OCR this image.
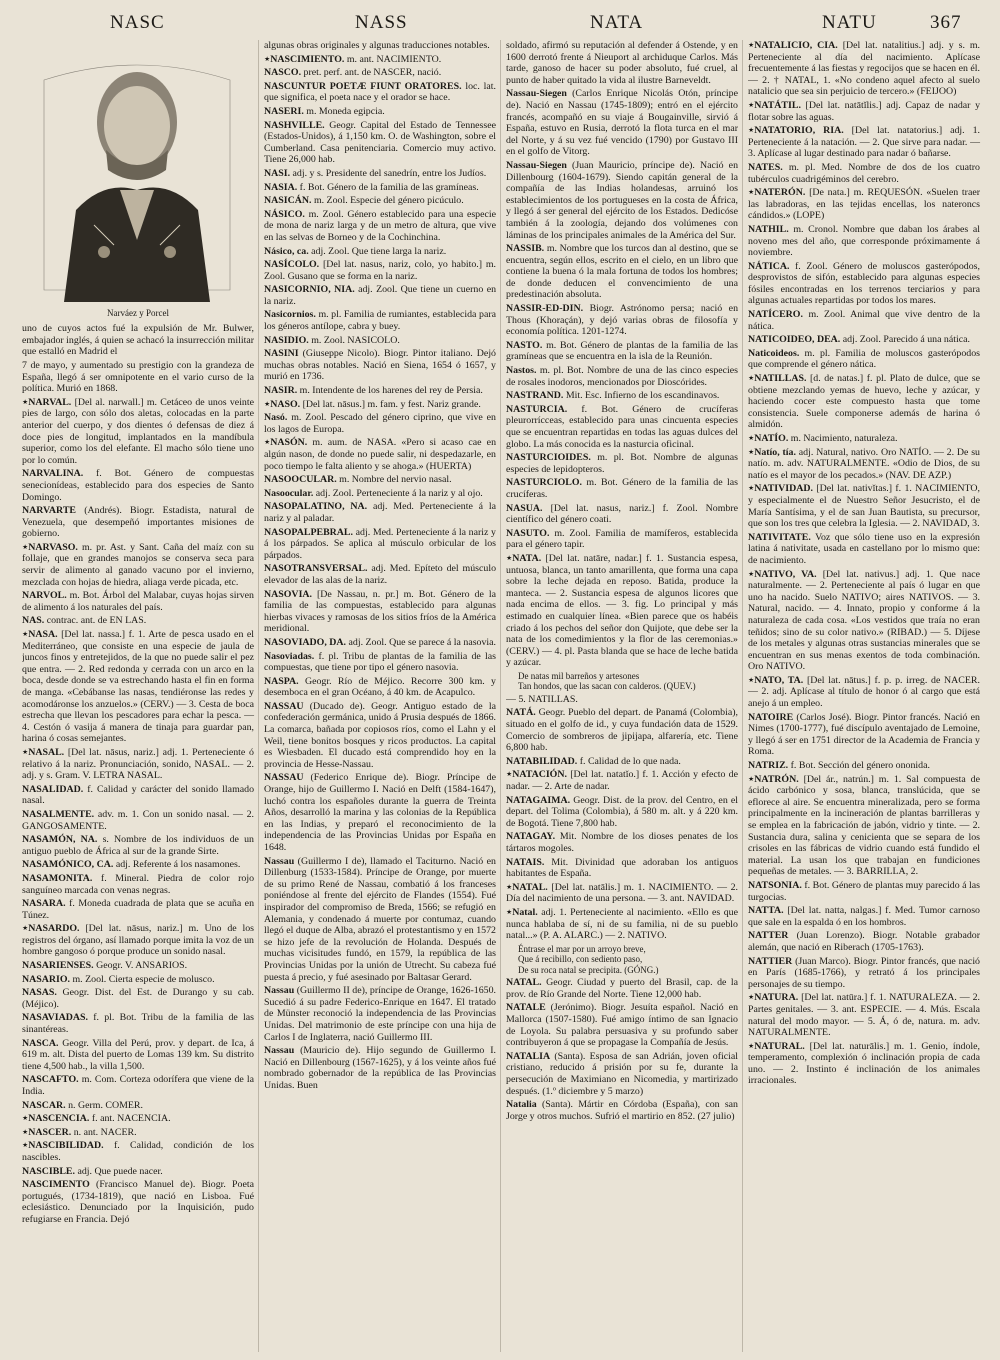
NASC	NASS	NATA	NATU	367
Narváez y Porcel

uno de cuyos actos fué la expulsión de Mr. Bulwer, embajador inglés, á quien se achacó la insurrección militar que estalló en Madrid el

7 de mayo, y aumentado su prestigio con la grandeza de España, llegó á ser omnipotente en el vario curso de la política. Murió en 1868.

⋆NARVAL. [Del al. narwall.] m. Cetáceo de unos veinte pies de largo, con sólo dos aletas, colocadas en la parte anterior del cuerpo, y dos dientes ó defensas de diez á doce pies de longitud, implantados en la mandíbula superior, como los del elefante. El macho sólo tiene uno por lo común.

NARVALINA. f. Bot. Género de compuestas senecionídeas, establecido para dos especies de Santo Domingo.

NARVARTE (Andrés). Biogr. Estadista, natural de Venezuela, que desempeñó importantes misiones de gobierno.

⋆NARVASO. m. pr. Ast. y Sant. Caña del maíz con su follaje, que en grandes manojos se conserva seca para servir de alimento al ganado vacuno por el invierno, mezclada con hojas de hiedra, aliaga verde picada, etc.

NARVOL. m. Bot. Árbol del Malabar, cuyas hojas sirven de alimento á los naturales del país.

NAS. contrac. ant. de EN LAS.

⋆NASA. [Del lat. nassa.] f. 1. Arte de pesca usado en el Mediterráneo, que consiste en una especie de jaula de juncos finos y entretejidos, de la que no puede salir el pez que entra. — 2. Red redonda y cerrada con un arco en la boca, desde donde se va estrechando hasta el fin en forma de manga. «Cebábanse las nasas, tendiéronse las redes y acomodáronse los anzuelos.» (CERV.) — 3. Cesta de boca estrecha que llevan los pescadores para echar la pesca. — 4. Cestón ó vasija á manera de tinaja para guardar pan, harina ó cosas semejantes.

⋆NASAL. [Del lat. nāsus, nariz.] adj. 1. Perteneciente ó relativo á la nariz. Pronunciación, sonido, NASAL. — 2. adj. y s. Gram. V. LETRA NASAL.

NASALIDAD. f. Calidad y carácter del sonido llamado nasal.

NASALMENTE. adv. m. 1. Con un sonido nasal. — 2. GANGOSAMENTE.

NASAMÓN, NA. s. Nombre de los individuos de un antiguo pueblo de África al sur de la grande Sirte.

NASAMÓNICO, CA. adj. Referente á los nasamones.

NASAMONITA. f. Mineral. Piedra de color rojo sanguíneo marcada con venas negras.

NASARA. f. Moneda cuadrada de plata que se acuña en Túnez.

⋆NASARDO. [Del lat. nāsus, nariz.] m. Uno de los registros del órgano, así llamado porque imita la voz de un hombre gangoso ó porque produce un sonido nasal.

NASARIENSES. Geogr. V. ANSARIOS.

NASARIO. m. Zool. Cierta especie de molusco.

NASAS. Geogr. Dist. del Est. de Durango y su cab. (Méjico).

NASAVIADAS. f. pl. Bot. Tribu de la familia de las sinantéreas.

NASCA. Geogr. Villa del Perú, prov. y depart. de Ica, á 619 m. alt. Dista del puerto de Lomas 139 km. Su distrito tiene 4,500 hab., la villa 1,500.

NASCAFTO. m. Com. Corteza odorífera que viene de la India.

NASCAR. n. Germ. COMER.

⋆NASCENCIA. f. ant. NACENCIA.

⋆NASCER. n. ant. NACER.

⋆NASCIBILIDAD. f. Calidad, condición de los nascibles.

NASCIBLE. adj. Que puede nacer.

NASCIMENTO (Francisco Manuel de). Biogr. Poeta portugués, (1734-1819), que nació en Lisboa. Fué eclesiástico. Denunciado por la Inquisición, pudo refugiarse en Francia. Dejó

algunas obras originales y algunas traducciones notables.

⋆NASCIMIENTO. m. ant. NACIMIENTO.

NASCO. pret. perf. ant. de NASCER, nació.

NASCUNTUR POETÆ FIUNT ORATORES. loc. lat. que significa, el poeta nace y el orador se hace.

NASERI. m. Moneda egipcia.

NASHVILLE. Geogr. Capital del Estado de Tennessee (Estados-Unidos), á 1,150 km. O. de Washington, sobre el Cumberland. Casa penitenciaria. Comercio muy activo. Tiene 26,000 hab.

NASI. adj. y s. Presidente del sanedrín, entre los Judíos.

NASIA. f. Bot. Género de la familia de las gramíneas.

NASICÁN. m. Zool. Especie del género picúculo.

NÁSICO. m. Zool. Género establecido para una especie de mona de nariz larga y de un metro de altura, que vive en las selvas de Borneo y de la Cochinchina.

Násico, ca. adj. Zool. Que tiene larga la nariz.

NASÍCOLO. [Del lat. nasus, nariz, colo, yo habito.] m. Zool. Gusano que se forma en la nariz.

NASICORNIO, NIA. adj. Zool. Que tiene un cuerno en la nariz.

Nasicornios. m. pl. Familia de rumiantes, establecida para los géneros antílope, cabra y buey.

NASIDIO. m. Zool. NASICOLO.

NASINI (Giuseppe Nicolo). Biogr. Pintor italiano. Dejó muchas obras notables. Nació en Siena, 1654 ó 1657, y murió en 1736.

NASIR. m. Intendente de los harenes del rey de Persia.

⋆NASO. [Del lat. nāsus.] m. fam. y fest. Nariz grande.

Nasó. m. Zool. Pescado del género ciprino, que vive en los lagos de Europa.

⋆NASÓN. m. aum. de NASA. «Pero si acaso cae en algún nason, de donde no puede salir, ni despedazarle, en poco tiempo le falta aliento y se ahoga.» (HUERTA)

NASOOCULAR. m. Nombre del nervio nasal.

Nasoocular. adj. Zool. Perteneciente á la nariz y al ojo.

NASOPALATINO, NA. adj. Med. Perteneciente á la nariz y al paladar.

NASOPALPEBRAL. adj. Med. Perteneciente á la nariz y á los párpados. Se aplica al músculo orbicular de los párpados.

NASOTRANSVERSAL. adj. Med. Epíteto del músculo elevador de las alas de la nariz.

NASOVIA. [De Nassau, n. pr.] m. Bot. Género de la familia de las compuestas, establecido para algunas hierbas vivaces y ramosas de los sitios fríos de la América meridional.

NASOVIADO, DA. adj. Zool. Que se parece á la nasovia.

Nasoviadas. f. pl. Tribu de plantas de la familia de las compuestas, que tiene por tipo el género nasovia.

NASPA. Geogr. Río de Méjico. Recorre 300 km. y desemboca en el gran Océano, á 40 km. de Acapulco.

NASSAU (Ducado de). Geogr. Antiguo estado de la confederación germánica, unido á Prusia después de 1866. La comarca, bañada por copiosos ríos, como el Lahn y el Weil, tiene bonitos bosques y ricos productos. La capital es Wiesbaden. El ducado está comprendido hoy en la provincia de Hesse-Nassau.

NASSAU (Federico Enrique de). Biogr. Príncipe de Orange, hijo de Guillermo I. Nació en Delft (1584-1647), luchó contra los españoles durante la guerra de Treinta Años, desarrolló la marina y las colonias de la República en las Indias, y preparó el reconocimiento de la independencia de las Provincias Unidas por España en 1648.

Nassau (Guillermo I de), llamado el Taciturno. Nació en Dillenburg (1533-1584). Príncipe de Orange, por muerte de su primo René de Nassau, combatió á los franceses poniéndose al frente del ejército de Flandes (1554). Fué inspirador del compromiso de Breda, 1566; se refugió en Alemania, y condenado á muerte por contumaz, cuando llegó el duque de Alba, abrazó el protestantismo y en 1572 se hizo jefe de la revolución de Holanda. Después de muchas vicisitudes fundó, en 1579, la república de las Provincias Unidas por la unión de Utrecht. Su cabeza fué puesta á precio, y fué asesinado por Baltasar Gerard.

Nassau (Guillermo II de), príncipe de Orange, 1626-1650. Sucedió á su padre Federico-Enrique en 1647. El tratado de Münster reconoció la independencia de las Provincias Unidas. Del matrimonio de este príncipe con una hija de Carlos I de Inglaterra, nació Guillermo III.

Nassau (Mauricio de). Hijo segundo de Guillermo I. Nació en Dillenbourg (1567-1625), y á los veinte años fué nombrado gobernador de la república de las Provincias Unidas. Buen

soldado, afirmó su reputación al defender á Ostende, y en 1600 derrotó frente á Nieuport al archiduque Carlos. Más tarde, ganoso de hacer su poder absoluto, fué cruel, al punto de haber quitado la vida al ilustre Barneveldt.

Nassau-Siegen (Carlos Enrique Nicolás Otón, príncipe de). Nació en Nassau (1745-1809); entró en el ejército francés, acompañó en su viaje á Bougainville, sirvió á España, estuvo en Rusia, derrotó la flota turca en el mar del Norte, y á su vez fué vencido (1790) por Gustavo III en el golfo de Vitorg.

Nassau-Siegen (Juan Mauricio, príncipe de). Nació en Dillenbourg (1604-1679). Siendo capitán general de la compañía de las Indias holandesas, arruinó los establecimientos de los portugueses en la costa de África, y llegó á ser general del ejército de los Estados. Dedicóse también á la zoología, dejando dos volúmenes con láminas de los principales animales de la América del Sur.

NASSIB. m. Nombre que los turcos dan al destino, que se encuentra, según ellos, escrito en el cielo, en un libro que contiene la buena ó la mala fortuna de todos los hombres; de donde deducen el convencimiento de una predestinación absoluta.

NASSIR-ED-DIN. Biogr. Astrónomo persa; nació en Thous (Khoraçán), y dejó varias obras de filosofía y economía política. 1201-1274.

NASTO. m. Bot. Género de plantas de la familia de las gramíneas que se encuentra en la isla de la Reunión.

Nastos. m. pl. Bot. Nombre de una de las cinco especies de rosales inodoros, mencionados por Dioscórides.

NASTRAND. Mit. Esc. Infierno de los escandinavos.

NASTURCIA. f. Bot. Género de crucíferas pleurorrícceas, establecido para unas cincuenta especies que se encuentran repartidas en todas las aguas dulces del globo. La más conocida es la nasturcia oficinal.

NASTURCIOIDES. m. pl. Bot. Nombre de algunas especies de lepidopteros.

NASTURCIOLO. m. Bot. Género de la familia de las crucíferas.

NASUA. [Del lat. nasus, nariz.] f. Zool. Nombre científico del género coati.

NASUTO. m. Zool. Familia de mamíferos, establecida para el género tapir.

⋆NATA. [Del lat. natāre, nadar.] f. 1. Sustancia espesa, untuosa, blanca, un tanto amarillenta, que forma una capa sobre la leche dejada en reposo. Batida, produce la manteca. — 2. Sustancia espesa de algunos licores que nada encima de ellos. — 3. fig. Lo principal y más estimado en cualquier línea. «Bien parece que os habéis criado á los pechos del señor don Quijote, que debe ser la nata de los comedimientos y la flor de las ceremonias.» (CERV.) — 4. pl. Pasta blanda que se hace de leche batida y azúcar.

De natas mil barreños y artesones

Tan hondos, que las sacan con calderos. (QUEV.)

— 5. NATILLAS.

NATÁ. Geogr. Pueblo del depart. de Panamá (Colombia), situado en el golfo de id., y cuya fundación data de 1529. Comercio de sombreros de jipijapa, alfarería, etc. Tiene 6,800 hab.

NATABILIDAD. f. Calidad de lo que nada.

⋆NATACIÓN. [Del lat. natatĭo.] f. 1. Acción y efecto de nadar. — 2. Arte de nadar.

NATAGAIMA. Geogr. Dist. de la prov. del Centro, en el depart. del Tolima (Colombia), á 580 m. alt. y á 220 km. de Bogotá. Tiene 7,800 hab.

NATAGAY. Mit. Nombre de los dioses penates de los tártaros mogoles.

NATAIS. Mit. Divinidad que adoraban los antiguos habitantes de España.

⋆NATAL. [Del lat. natālis.] m. 1. NACIMIENTO. — 2. Día del nacimiento de una persona. — 3. ant. NAVIDAD.

⋆Natal. adj. 1. Perteneciente al nacimiento. «Ello es que nunca hablaba de sí, ni de su familia, ni de su pueblo natal...» (P. A. ALARC.) — 2. NATIVO.

Éntrase el mar por un arroyo breve,

Que á recibillo, con sediento paso,

De su roca natal se precipita. (GÓNG.)

NATAL. Geogr. Ciudad y puerto del Brasil, cap. de la prov. de Río Grande del Norte. Tiene 12,000 hab.

NATALE (Jerónimo). Biogr. Jesuíta español. Nació en Mallorca (1507-1580). Fué amigo íntimo de san Ignacio de Loyola. Su palabra persuasiva y su profundo saber contribuyeron á que se propagase la Compañía de Jesús.

NATALIA (Santa). Esposa de san Adrián, joven oficial cristiano, reducido á prisión por su fe, durante la persecución de Maximiano en Nicomedia, y martirizado después. (1.º diciembre y 5 marzo)

Natalia (Santa). Mártir en Córdoba (España), con san Jorge y otros muchos. Sufrió el martirio en 852. (27 julio)

⋆NATALICIO, CIA. [Del lat. natalitius.] adj. y s. m. Perteneciente al día del nacimiento. Aplícase frecuentemente á las fiestas y regocijos que se hacen en él. — 2. † NATAL, 1. «No condeno aquel afecto al suelo natalicio que sea sin perjuicio de tercero.» (FEIJOO)

⋆NATÁTIL. [Del lat. natātĭlis.] adj. Capaz de nadar y flotar sobre las aguas.

⋆NATATORIO, RIA. [Del lat. natatorius.] adj. 1. Perteneciente á la natación. — 2. Que sirve para nadar. — 3. Aplícase al lugar destinado para nadar ó bañarse.

NATES. m. pl. Med. Nombre de dos de los cuatro tubérculos cuadrigéminos del cerebro.

⋆NATERÓN. [De nata.] m. REQUESÓN. «Suelen traer las labradoras, en las tejidas encellas, los nateroncs cándidos.» (LOPE)

NATHIL. m. Cronol. Nombre que daban los árabes al noveno mes del año, que corresponde próximamente á noviembre.

NÁTICA. f. Zool. Género de moluscos gasterópodos, desprovistos de sifón, establecido para algunas especies fósiles encontradas en los terrenos terciarios y para algunas actuales repartidas por todos los mares.

NATÍCERO. m. Zool. Animal que vive dentro de la nática.

NATICOIDEO, DEA. adj. Zool. Parecido á una nática.

Naticoideos. m. pl. Familia de moluscos gasterópodos que comprende el género nática.

⋆NATILLAS. [d. de natas.] f. pl. Plato de dulce, que se obtiene mezclando yemas de huevo, leche y azúcar, y haciendo cocer este compuesto hasta que tome consistencia. Suele componerse además de harina ó almidón.

⋆NATÍO. m. Nacimiento, naturaleza.

⋆Natío, tía. adj. Natural, nativo. Oro NATÍO. — 2. De su natío. m. adv. NATURALMENTE. «Odio de Dios, de su natío es el mayor de los pecados.» (NAV. DE AZP.)

⋆NATIVIDAD. [Del lat. nativĭtas.] f. 1. NACIMIENTO, y especialmente el de Nuestro Señor Jesucristo, el de María Santísima, y el de san Juan Bautista, su precursor, que son los tres que celebra la Iglesia. — 2. NAVIDAD, 3.

NATIVITATE. Voz que sólo tiene uso en la expresión latina á nativitate, usada en castellano por lo mismo que: de nacimiento.

⋆NATIVO, VA. [Del lat. nativus.] adj. 1. Que nace naturalmente. — 2. Perteneciente al país ó lugar en que uno ha nacido. Suelo NATIVO; aires NATIVOS. — 3. Natural, nacido. — 4. Innato, propio y conforme á la naturaleza de cada cosa. «Los vestidos que traía no eran teñidos; sino de su color nativo.» (RIBAD.) — 5. Díjese de los metales y algunas otras sustancias minerales que se encuentran en sus menas exentos de toda combinación. Oro NATIVO.

⋆NATO, TA. [Del lat. nātus.] f. p. p. irreg. de NACER. — 2. adj. Aplícase al título de honor ó al cargo que está anejo á un empleo.

NATOIRE (Carlos José). Biogr. Pintor francés. Nació en Nimes (1700-1777), fué discípulo aventajado de Lemoine, y llegó á ser en 1751 director de la Academia de Francia y Roma.

NATRIZ. f. Bot. Sección del género ononida.

⋆NATRÓN. [Del ár., natrún.] m. 1. Sal compuesta de ácido carbónico y sosa, blanca, translúcida, que se eflorece al aire. Se encuentra mineralizada, pero se forma principalmente en la incineración de plantas barrilleras y se emplea en la fabricación de jabón, vidrio y tinte. — 2. Sustancia dura, salina y cenicienta que se separa de los crisoles en las fábricas de vidrio cuando está fundido el material. La usan los que trabajan en fundiciones pequeñas de metales. — 3. BARRILLA, 2.

NATSONIA. f. Bot. Género de plantas muy parecido á las turgocias.

NATTA. [Del lat. natta, nalgas.] f. Med. Tumor carnoso que sale en la espalda ó en los hombros.

NATTER (Juan Lorenzo). Biogr. Notable grabador alemán, que nació en Riberach (1705-1763).

NATTIER (Juan Marco). Biogr. Pintor francés, que nació en París (1685-1766), y retrató á los principales personajes de su tiempo.

⋆NATURA. [Del lat. natūra.] f. 1. NATURALEZA. — 2. Partes genitales. — 3. ant. ESPECIE. — 4. Mús. Escala natural del modo mayor. — 5. Á, ó de, natura. m. adv. NATURALMENTE.

⋆NATURAL. [Del lat. naturālis.] m. 1. Genio, índole, temperamento, complexión ó inclinación propia de cada uno. — 2. Instinto é inclinación de los animales irracionales.
